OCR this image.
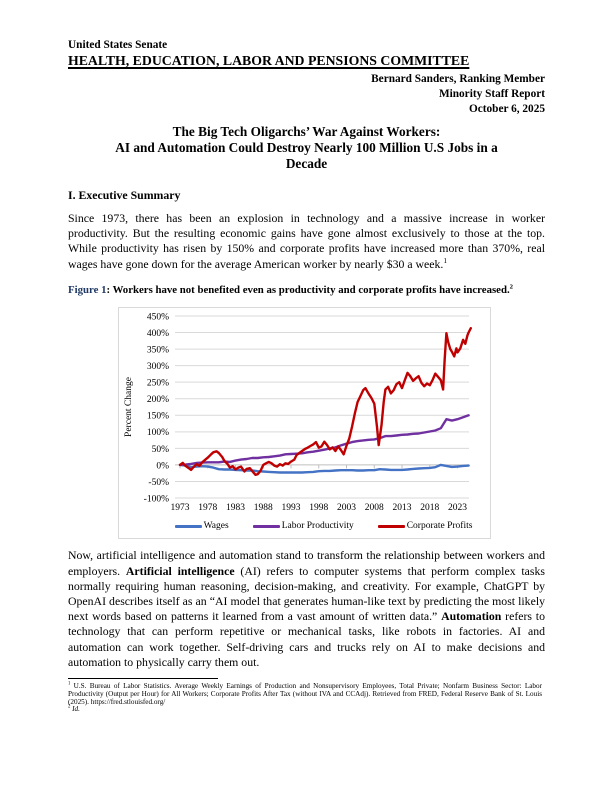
United States Senate
HEALTH, EDUCATION, LABOR AND PENSIONS COMMITTEE
Bernard Sanders, Ranking Member
Minority Staff Report
October 6, 2025
The Big Tech Oligarchs’ War Against Workers:
AI and Automation Could Destroy Nearly 100 Million U.S Jobs in a
Decade
I. Executive Summary

Since 1973, there has been an explosion in technology and a massive increase in worker productivity. But the resulting economic gains have gone almost exclusively to those at the top. While productivity has risen by 150% and corporate profits have increased more than 370%, real wages have gone down for the average American worker by nearly $30 a week.$^1$

Figure 1: Workers have not benefited even as productivity and corporate profits have increased.$^2$

450%
400%
350%
300%
250%
200%
150%
100%
50%
0%
-50%
-100%
1973 1978 1983 1988 1993 1998 2003 2008 2013 2018 2023
Percent Change
Wages	Labor Productivity	Corporate Profits

Now, artificial intelligence and automation stand to transform the relationship between workers and employers. Artificial intelligence (AI) refers to computer systems that perform complex tasks normally requiring human reasoning, decision-making, and creativity. For example, ChatGPT by OpenAI describes itself as an “AI model that generates human-like text by predicting the most likely next words based on patterns it learned from a vast amount of written data.” Automation refers to technology that can perform repetitive or mechanical tasks, like robots in factories. AI and automation can work together. Self-driving cars and trucks rely on AI to make decisions and automation to physically carry them out.

$^1$ U.S. Bureau of Labor Statistics. Average Weekly Earnings of Production and Nonsupervisory Employees, Total Private; Nonfarm Business Sector: Labor Productivity (Output per Hour) for All Workers; Corporate Profits After Tax (without IVA and CCAdj). Retrieved from FRED, Federal Reserve Bank of St. Louis (2025). https://fred.stlouisfed.org/
$^2$ Id.
